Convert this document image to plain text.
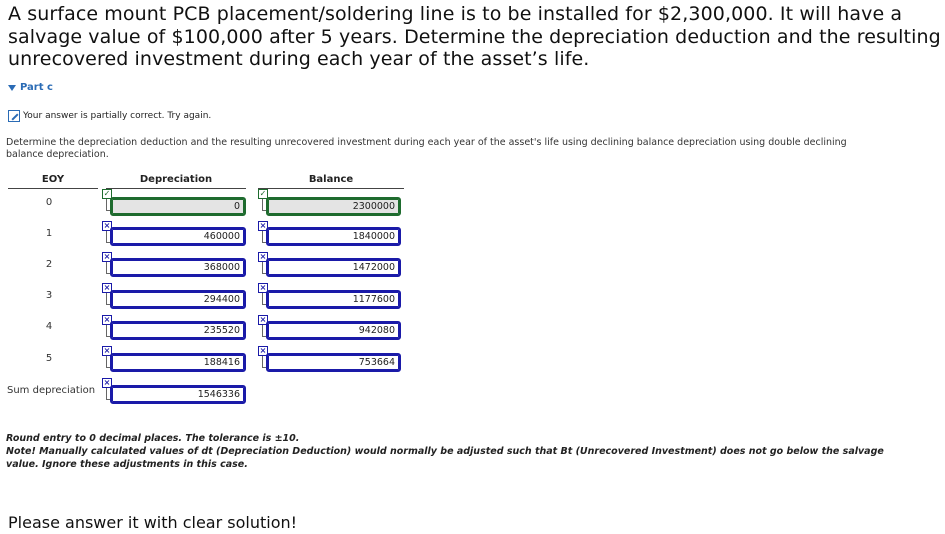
A surface mount PCB placement/soldering line is to be installed for $2,300,000. It will have a salvage value of $100,000 after 5 years. Determine the depreciation deduction and the resulting unrecovered investment during each year of the asset’s life.

Part c
Your answer is partially correct. Try again.
Determine the depreciation deduction and the resulting unrecovered investment during each year of the asset's life using declining balance depreciation using double declining balance depreciation.
EOY	Depreciation	Balance
0
1
2
3
4
5
Sum depreciation
✓
0
×
460000
×
368000
×
294400
×
235520
×
188416
×
1546336
✓
2300000
×
1840000
×
1472000
×
1177600
×
942080
×
753664
Round entry to 0 decimal places. The tolerance is ±10.
Note! Manually calculated values of dt (Depreciation Deduction) would normally be adjusted such that Bt (Unrecovered Investment) does not go below the salvage value. Ignore these adjustments in this case.
Please answer it with clear solution!
